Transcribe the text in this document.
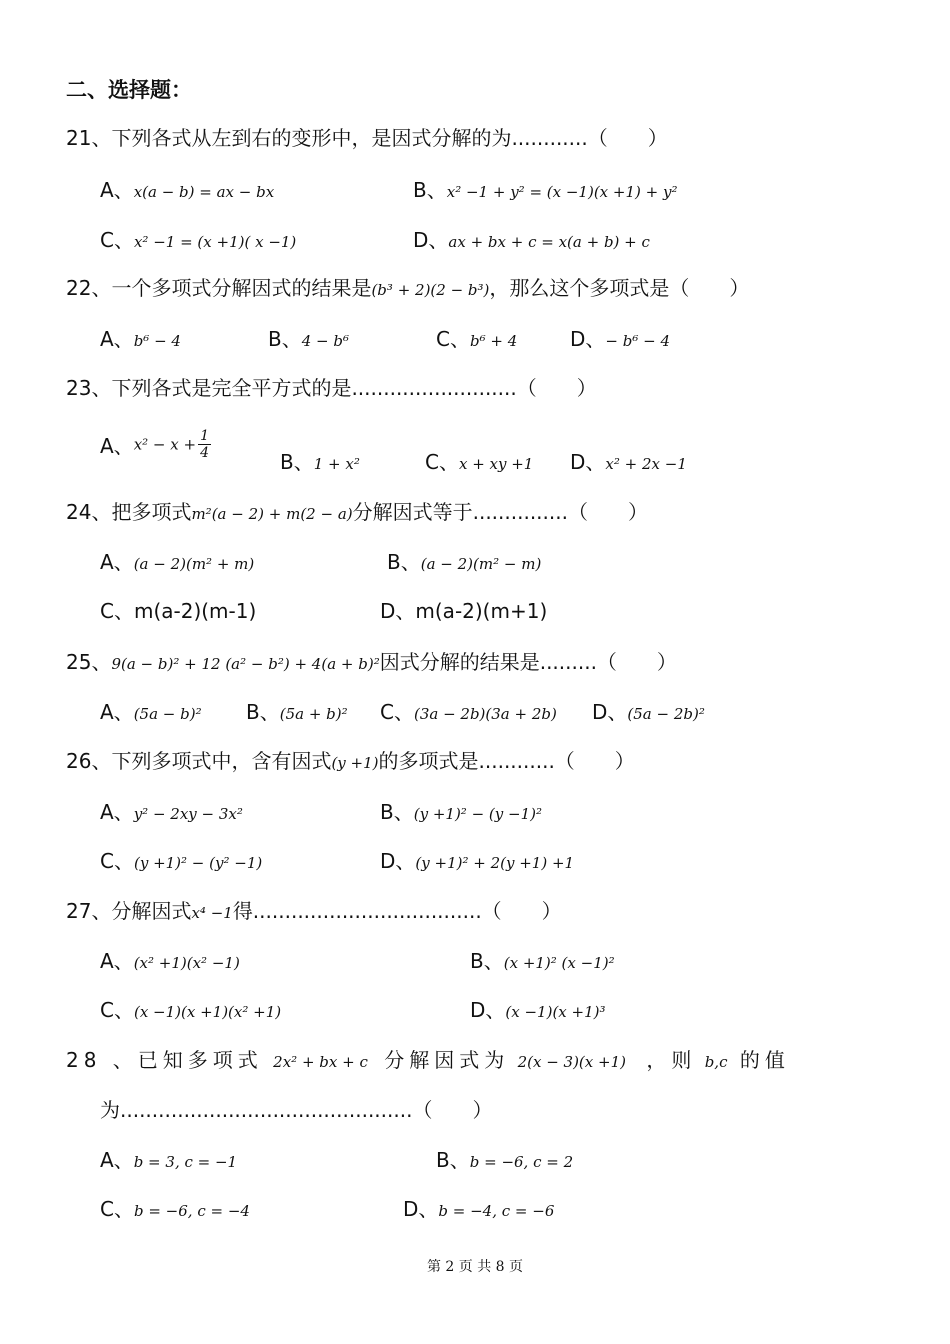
二、选择题：
21、下列各式从左到右的变形中，是因式分解的为............（　　）
A、x(a − b) = ax − bx	B、x² −1 + y² = (x −1)(x +1) + y²
C、x² −1 = (x +1)( x −1)	D、ax + bx + c = x(a + b) + c
22、一个多项式分解因式的结果是(b³ + 2)(2 − b³)，那么这个多项式是（　　）
A、b⁶ − 4	B、4 − b⁶	C、b⁶ + 4	D、− b⁶ − 4
23、下列各式是完全平方式的是..........................（　　）
A、$x^2 - x + \frac{1}{4}$
B、1 + x²	C、x + xy +1 D、x² + 2x −1
24、把多项式m²(a − 2) + m(2 − a)分解因式等于...............（　　）
A、(a − 2)(m² + m)	B、(a − 2)(m² − m)
C、m(a-2)(m-1)	D、m(a-2)(m+1)
25、9(a − b)² + 12 (a² − b²) + 4(a + b)²因式分解的结果是.........（　　）
A、(5a − b)² B、(5a + b)² C、(3a − 2b)(3a + 2b) D、(5a − 2b)²
26、下列多项式中，含有因式(y +1)的多项式是............（　　）
A、y² − 2xy − 3x²	B、(y +1)² − (y −1)²
C、(y +1)² − (y² −1)	D、(y +1)² + 2(y +1) +1
27、分解因式x⁴ −1得....................................（　　）
A、(x² +1)(x² −1)	B、(x +1)² (x −1)²
C、(x −1)(x +1)(x² +1)	D、(x −1)(x +1)³
28 、已知多项式 2x² + bx + c 分解因式为 2(x − 3)(x +1) ，则 b,c 的值
为..............................................（　　）
A、b = 3, c = −1	B、b = −6, c = 2
C、b = −6, c = −4	D、b = −4, c = −6
第 2 页 共 8 页
